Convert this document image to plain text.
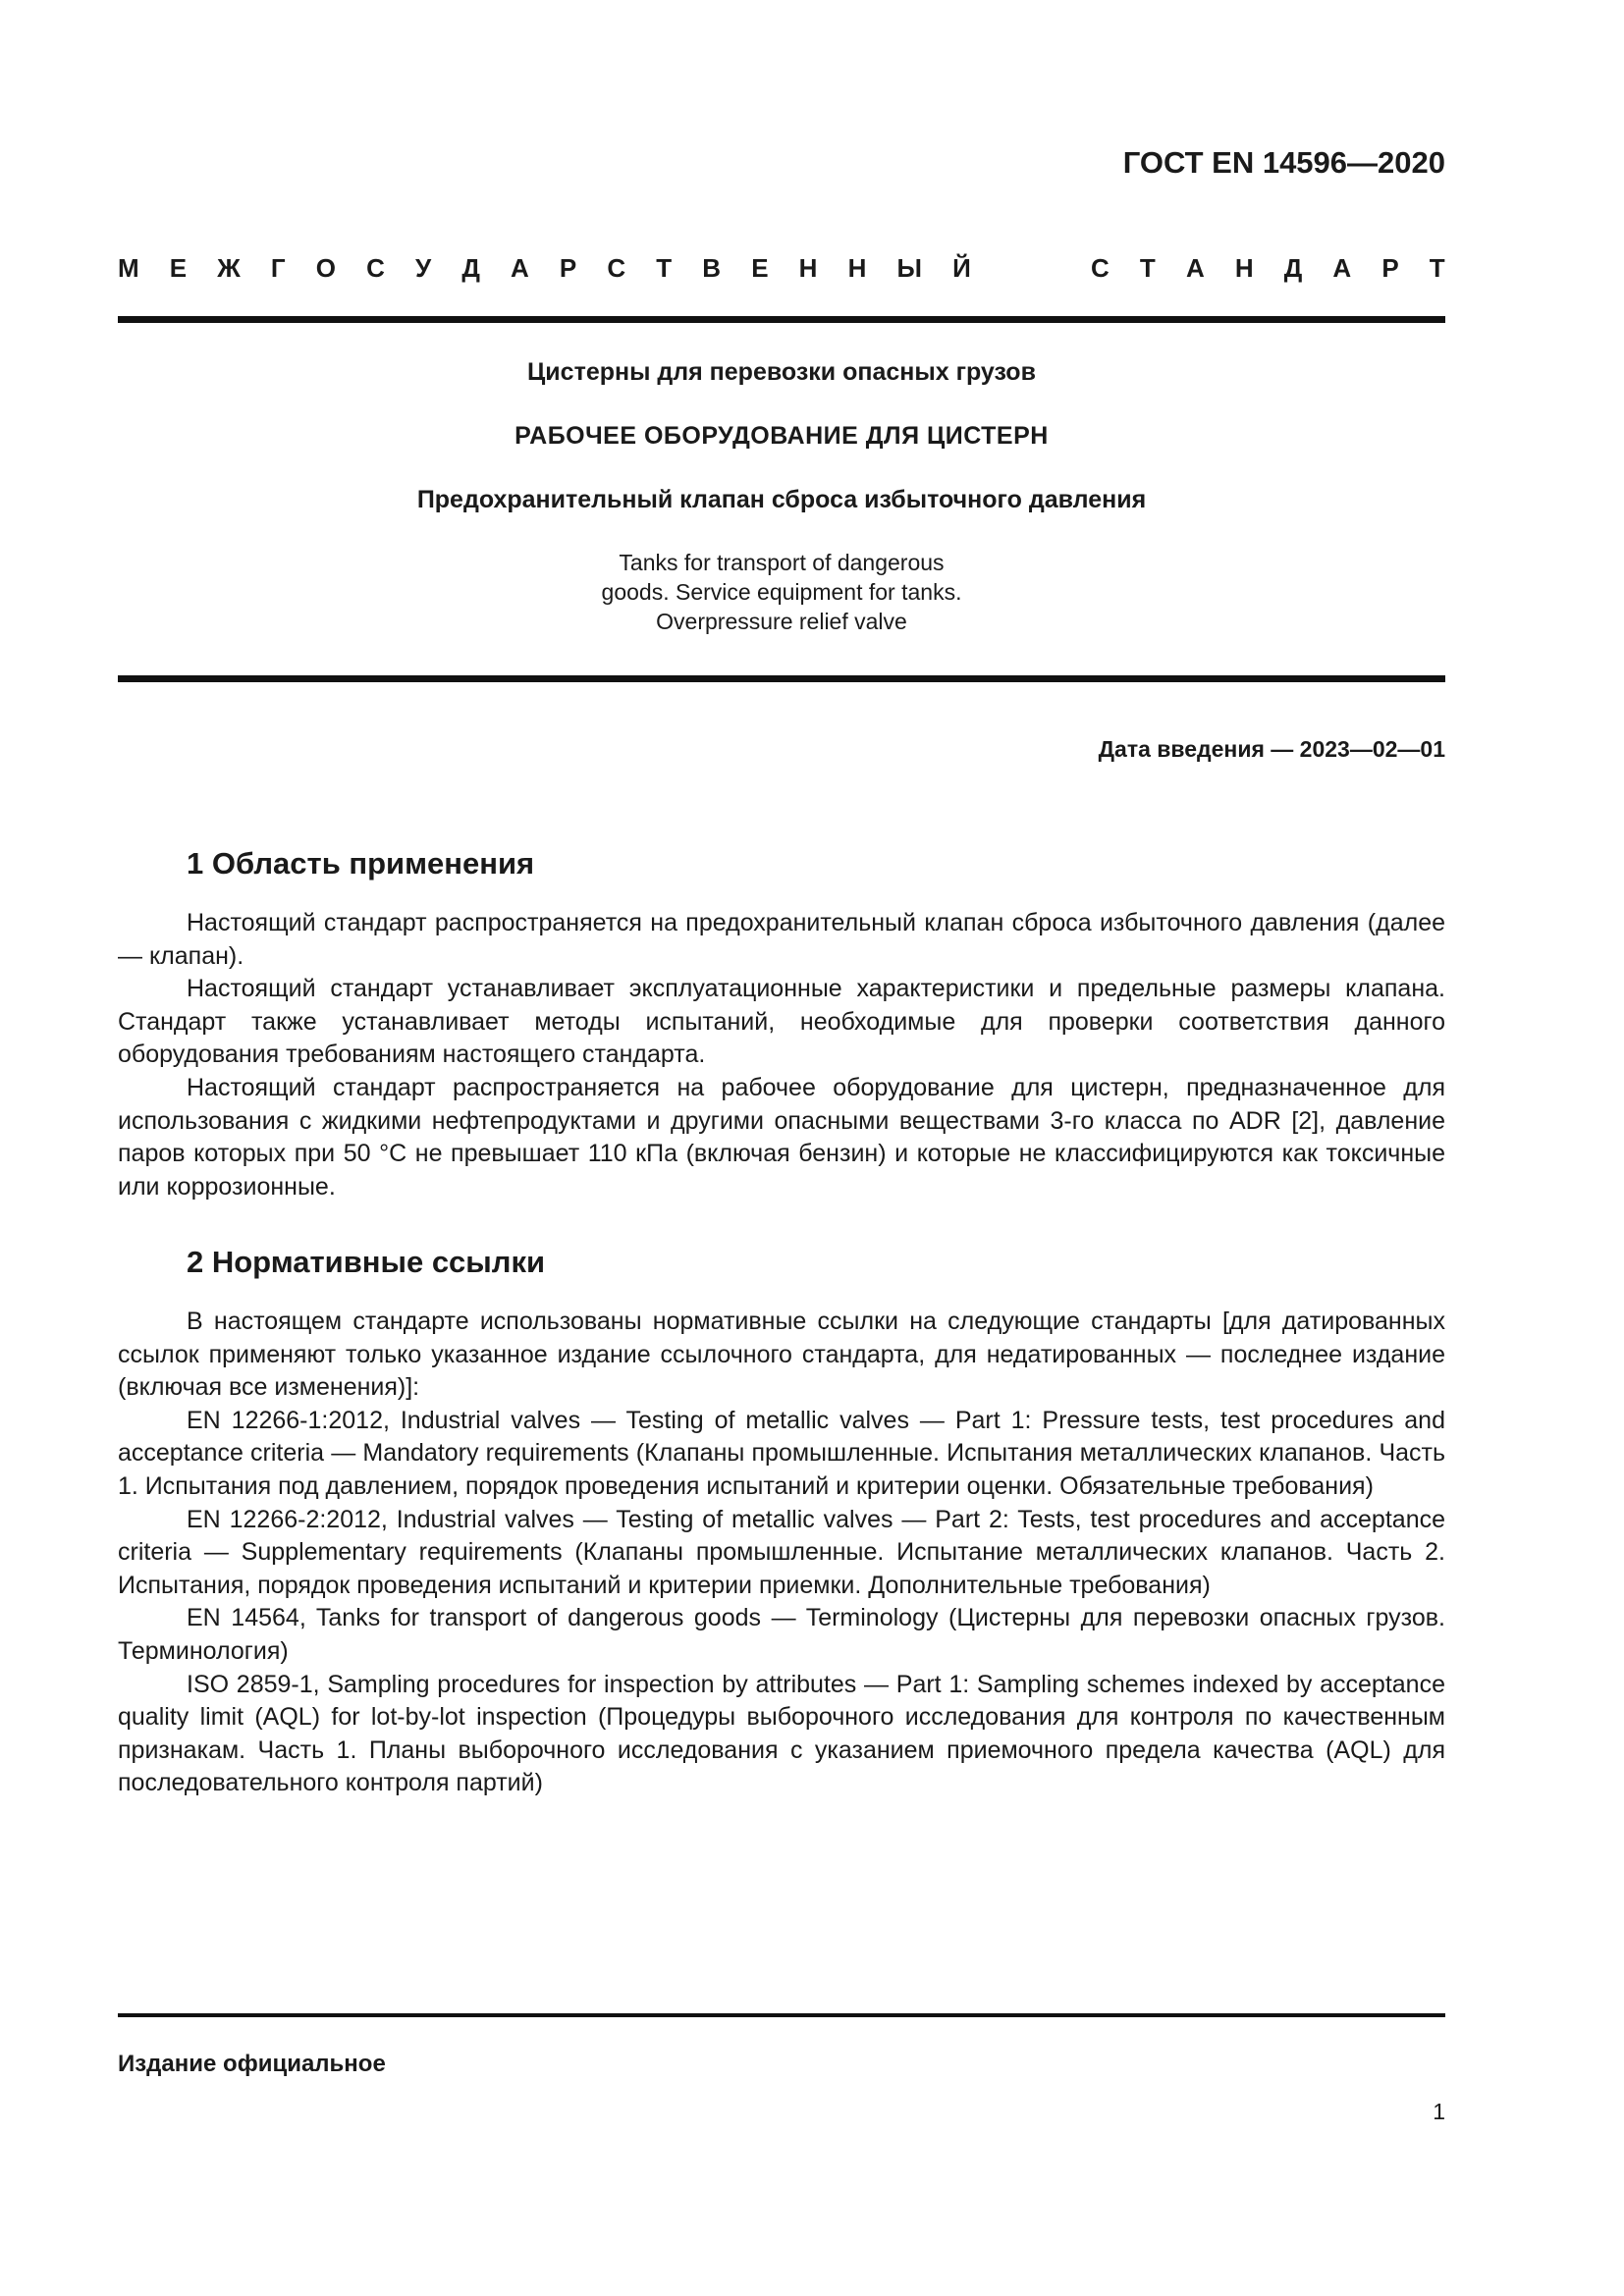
ГОСТ EN 14596—2020
М Е Ж Г О С У Д А Р С Т В Е Н Н Ы Й	С Т А Н Д А Р Т
Цистерны для перевозки опасных грузов
РАБОЧЕЕ ОБОРУДОВАНИЕ ДЛЯ ЦИСТЕРН
Предохранительный клапан сброса избыточного давления
Tanks for transport of dangerous
goods. Service equipment for tanks.
Overpressure relief valve
Дата введения — 2023—02—01
1 Область применения

Настоящий стандарт распространяется на предохранительный клапан сброса избыточного давления (далее — клапан).

Настоящий стандарт устанавливает эксплуатационные характеристики и предельные размеры клапана. Стандарт также устанавливает методы испытаний, необходимые для проверки соответствия данного оборудования требованиям настоящего стандарта.

Настоящий стандарт распространяется на рабочее оборудование для цистерн, предназначенное для использования с жидкими нефтепродуктами и другими опасными веществами 3-го класса по ADR [2], давление паров которых при 50 °С не превышает 110 кПа (включая бензин) и которые не классифицируются как токсичные или коррозионные.

2 Нормативные ссылки

В настоящем стандарте использованы нормативные ссылки на следующие стандарты [для датированных ссылок применяют только указанное издание ссылочного стандарта, для недатированных — последнее издание (включая все изменения)]:

EN 12266-1:2012, Industrial valves — Testing of metallic valves — Part 1: Pressure tests, test procedures and acceptance criteria — Mandatory requirements (Клапаны промышленные. Испытания металлических клапанов. Часть 1. Испытания под давлением, порядок проведения испытаний и критерии оценки. Обязательные требования)

EN 12266-2:2012, Industrial valves — Testing of metallic valves — Part 2: Tests, test procedures and acceptance criteria — Supplementary requirements (Клапаны промышленные. Испытание металлических клапанов. Часть 2. Испытания, порядок проведения испытаний и критерии приемки. Дополнительные требования)

EN 14564, Tanks for transport of dangerous goods — Terminology (Цистерны для перевозки опасных грузов. Терминология)

ISO 2859-1, Sampling procedures for inspection by attributes — Part 1: Sampling schemes indexed by acceptance quality limit (AQL) for lot-by-lot inspection (Процедуры выборочного исследования для контроля по качественным признакам. Часть 1. Планы выборочного исследования с указанием приемочного предела качества (AQL) для последовательного контроля партий)

Издание официальное
1
